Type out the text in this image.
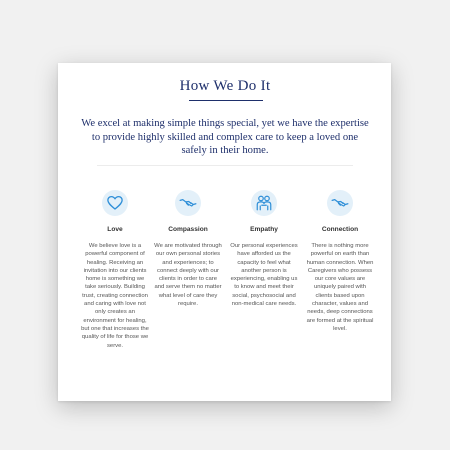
How We Do It
We excel at making simple things special, yet we have the expertise to provide highly skilled and complex care to keep a loved one safely in their home.
Love
We believe love is a powerful component of healing. Receiving an invitation into our clients home is something we take seriously. Building trust, creating connection and caring with love not only creates an environment for healing, but one that increases the quality of life for those we serve.
Compassion
We are motivated through our own personal stories and experiences; to connect deeply with our clients in order to care and serve them no matter what level of care they require.
Empathy
Our personal experiences have afforded us the capacity to feel what another person is experiencing, enabling us to know and meet their social, psychosocial and non-medical care needs.
Connection
There is nothing more powerful on earth than human connection. When Caregivers who possess our core values are uniquely paired with clients based upon character, values and needs, deep connections are formed at the spiritual level.
